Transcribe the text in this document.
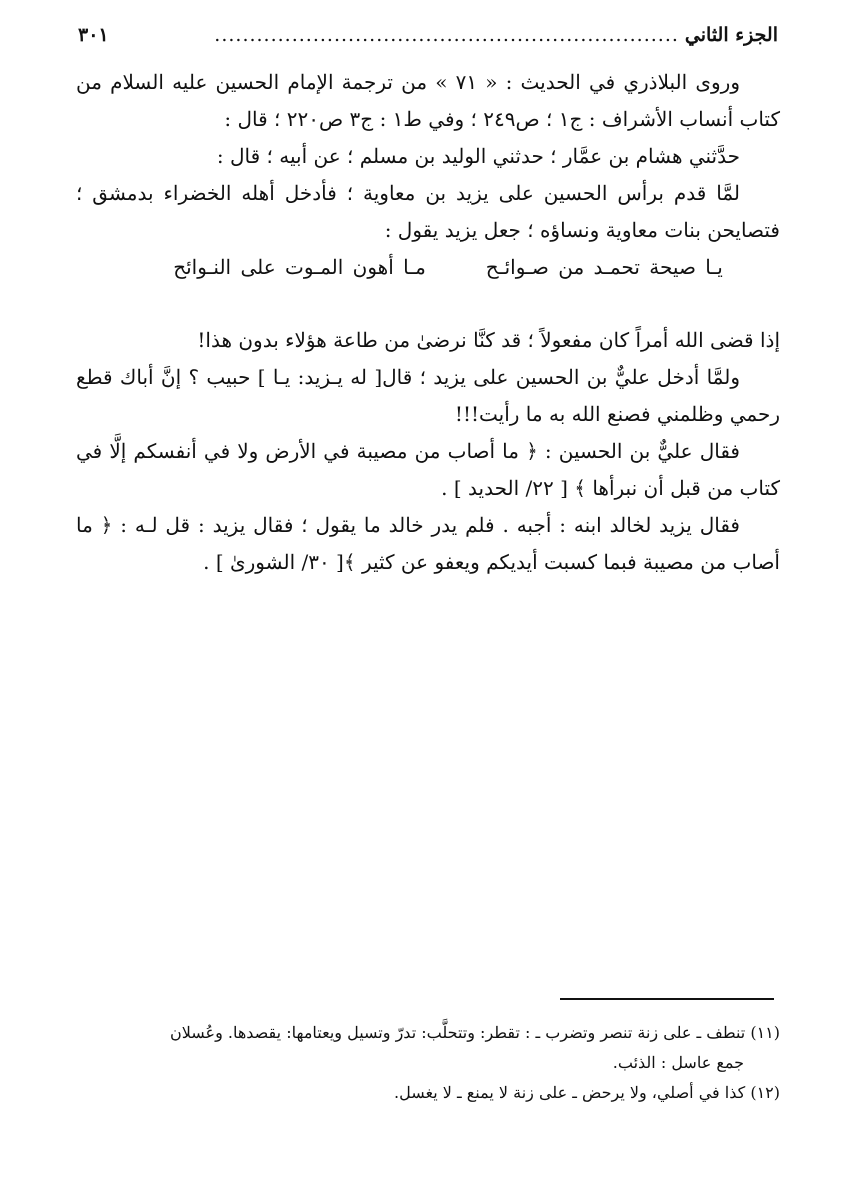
الجزء الثاني
..................................................................
٣٠١

وروى البلاذري في الحديث : « ٧١ » من ترجمة الإمام الحسين عليه السلام من كتاب أنساب الأشراف : ج١ ؛ ص٢٤٩ ؛ وفي ط١ : ج٣ ص٢٢٠ ؛ قال :

حدَّثني هشام بن عمَّار ؛ حدثني الوليد بن مسلم ؛ عن أبيه ؛ قال :

لمَّا قدم برأس الحسين على يزيد بن معاوية ؛ فأدخل أهله الخضراء بدمشق ؛ فتصايحن بنات معاوية ونساؤه ؛ جعل يزيد يقول :

يـا صيحة تحمـد من صـوائـح
مـا أهون المـوت على النـوائح

إذا قضى الله أمراً كان مفعولاً ؛ قد كنَّا نرضىٰ من طاعة هؤلاء بدون هذا!

ولمَّا أدخل عليٌّ بن الحسين على يزيد ؛ قال[ له يـزيد: يـا ] حبيب ؟ إنَّ أباك قطع رحمي وظلمني فصنع الله به ما رأيت!!!

فقال عليٌّ بن الحسين : ﴿ ما أصاب من مصيبة في الأرض ولا في أنفسكم إلَّا في كتاب من قبل أن نبرأها ﴾ [ ٢٢/ الحديد ] .

فقال يزيد لخالد ابنه : أجبه . فلم يدر خالد ما يقول ؛ فقال يزيد : قل لـه : ﴿ ما أصاب من مصيبة فبما كسبت أيديكم ويعفو عن كثير ﴾[ ٣٠/ الشورىٰ ] .

(١١) تنطف ـ على زنة تنصر وتضرب ـ : تقطر: وتتحلَّب: تدرّ وتسيل ويعتامها: يقصدها. وعُسلان

جمع عاسل : الذئب.

(١٢) كذا في أصلي، ولا يرحض ـ على زنة لا يمنع ـ لا يغسل.
